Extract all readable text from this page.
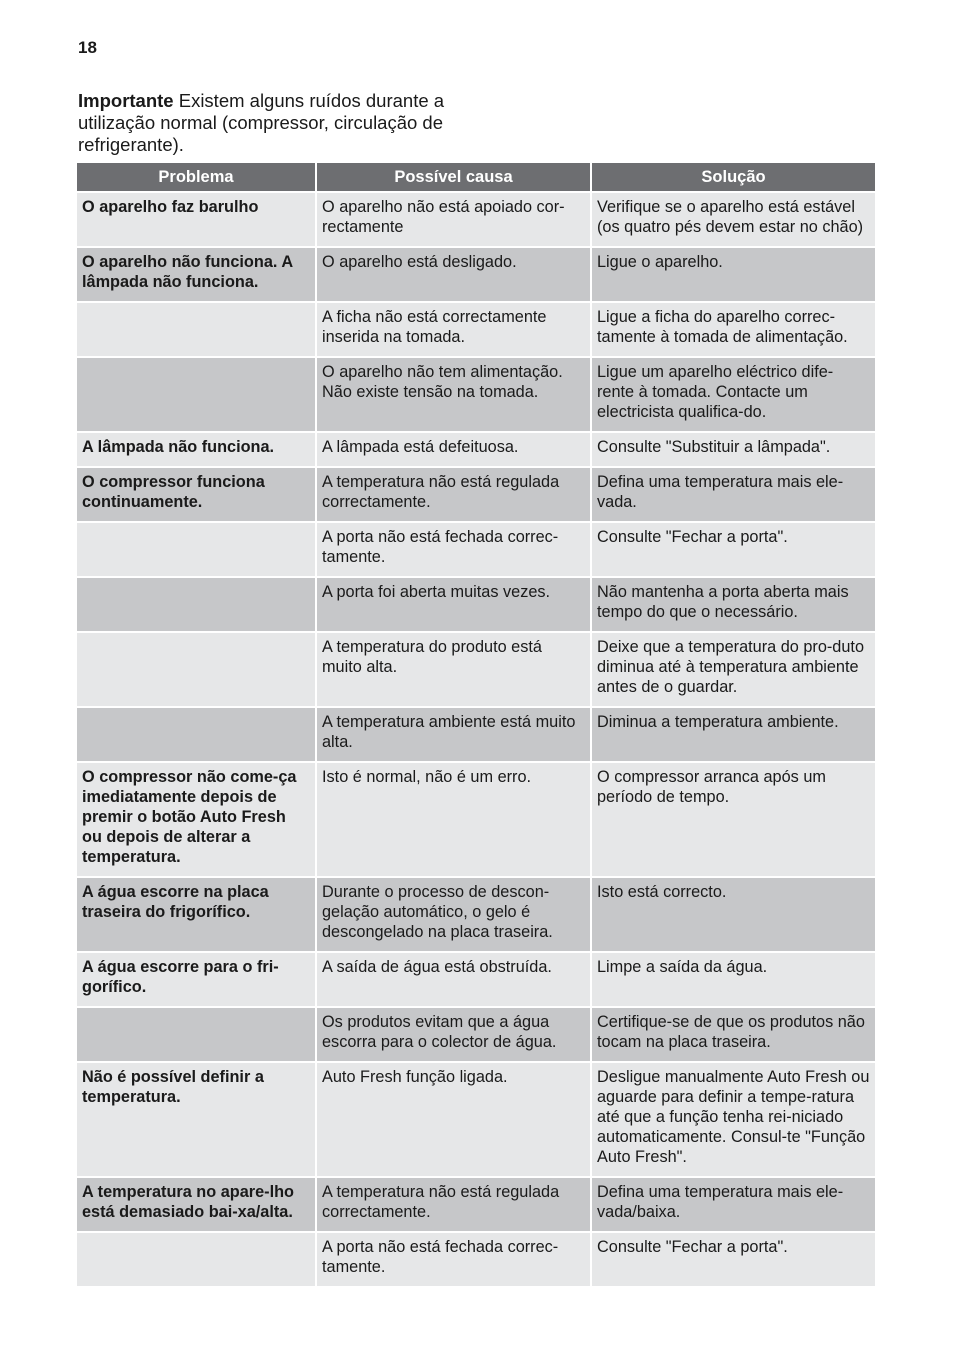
18

Importante Existem alguns ruídos durante a utilização normal (compressor, circulação de refrigerante).

Problema	Possível causa	Solução
O aparelho faz barulho	O aparelho não está apoiado cor-rectamente	Verifique se o aparelho está estável (os quatro pés devem estar no chão)
O aparelho não funciona. A lâmpada não funciona.	O aparelho está desligado.	Ligue o aparelho.
	A ficha não está correctamente inserida na tomada.	Ligue a ficha do aparelho correc-tamente à tomada de alimentação.
	O aparelho não tem alimentação. Não existe tensão na tomada.	Ligue um aparelho eléctrico dife-rente à tomada. Contacte um electricista qualifica-do.
A lâmpada não funciona.	A lâmpada está defeituosa.	Consulte "Substituir a lâmpada".
O compressor funciona continuamente.	A temperatura não está regulada correctamente.	Defina uma temperatura mais ele-vada.
	A porta não está fechada correc-tamente.	Consulte "Fechar a porta".
	A porta foi aberta muitas vezes.	Não mantenha a porta aberta mais tempo do que o necessário.
	A temperatura do produto está muito alta.	Deixe que a temperatura do pro-duto diminua até à temperatura ambiente antes de o guardar.
	A temperatura ambiente está muito alta.	Diminua a temperatura ambiente.
O compressor não come-ça imediatamente depois de premir o botão Auto Fresh ou depois de alterar a temperatura.	Isto é normal, não é um erro.	O compressor arranca após um período de tempo.
A água escorre na placa traseira do frigorífico.	Durante o processo de descon-gelação automático, o gelo é descongelado na placa traseira.	Isto está correcto.
A água escorre para o fri-gorífico.	A saída de água está obstruída.	Limpe a saída da água.
	Os produtos evitam que a água escorra para o colector de água.	Certifique-se de que os produtos não tocam na placa traseira.
Não é possível definir a temperatura.	Auto Fresh função ligada.	Desligue manualmente Auto Fresh ou aguarde para definir a tempe-ratura até que a função tenha rei-niciado automaticamente. Consul-te "Função Auto Fresh".
A temperatura no apare-lho está demasiado bai-xa/alta.	A temperatura não está regulada correctamente.	Defina uma temperatura mais ele-vada/baixa.
	A porta não está fechada correc-tamente.	Consulte "Fechar a porta".
